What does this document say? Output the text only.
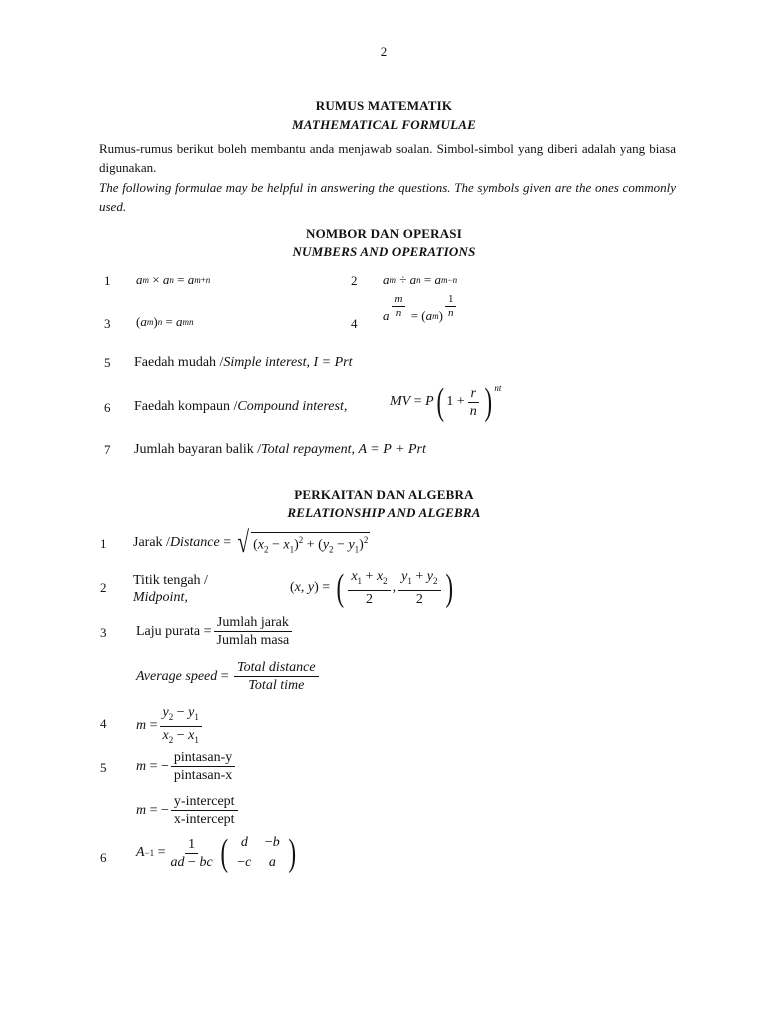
2
RUMUS MATEMATIK
MATHEMATICAL FORMULAE
Rumus-rumus berikut boleh membantu anda menjawab soalan. Simbol-simbol yang diberi adalah yang biasa digunakan.
The following formulae may be helpful in answering the questions. The symbols given are the ones commonly used.
NOMBOR DAN OPERASI
NUMBERS AND OPERATIONS
1	a m × a n = a m+n	2	a m ÷ a n = a m−n
3	( a m ) n = a mn	4
a $\frac{m}{n}$ = ( a m ) $\frac{1}{n}$
5	Faedah mudah / Simple interest,
I = Prt
6	Faedah kompaun / Compound interest,	MV = P ( $1 + \frac{r}{n}$ ) $^{nt}$
7	Jumlah bayaran balik / Total repayment,
A = P + Prt
PERKAITAN DAN ALGEBRA
RELATIONSHIP AND ALGEBRA
1	Jarak / Distance = √ $(x_2 - x_1)^2 + (y_2 - y_1)^2$
2	Titik tengah /
Midpoint,
( x , y ) = ( $\frac{x_1 + x_2}{2}$ , $\frac{y_1 + y_2}{2}$ )
3	Laju purata = $\frac{\text{Jumlah jarak}}{\text{Jumlah masa}}$
Average speed = $\frac{\text{Total distance}}{\text{Total time}}$
4	$m = \frac{y_2 - y_1}{x_2 - x_1}$
5	m = − $\frac{\text{pintasan-y}}{\text{pintasan-x}}$
m = − $\frac{\text{y-intercept}}{\text{x-intercept}}$
6	$A -1 = \frac{1}{ad - bc}$ ( d	−b
−c	a )
